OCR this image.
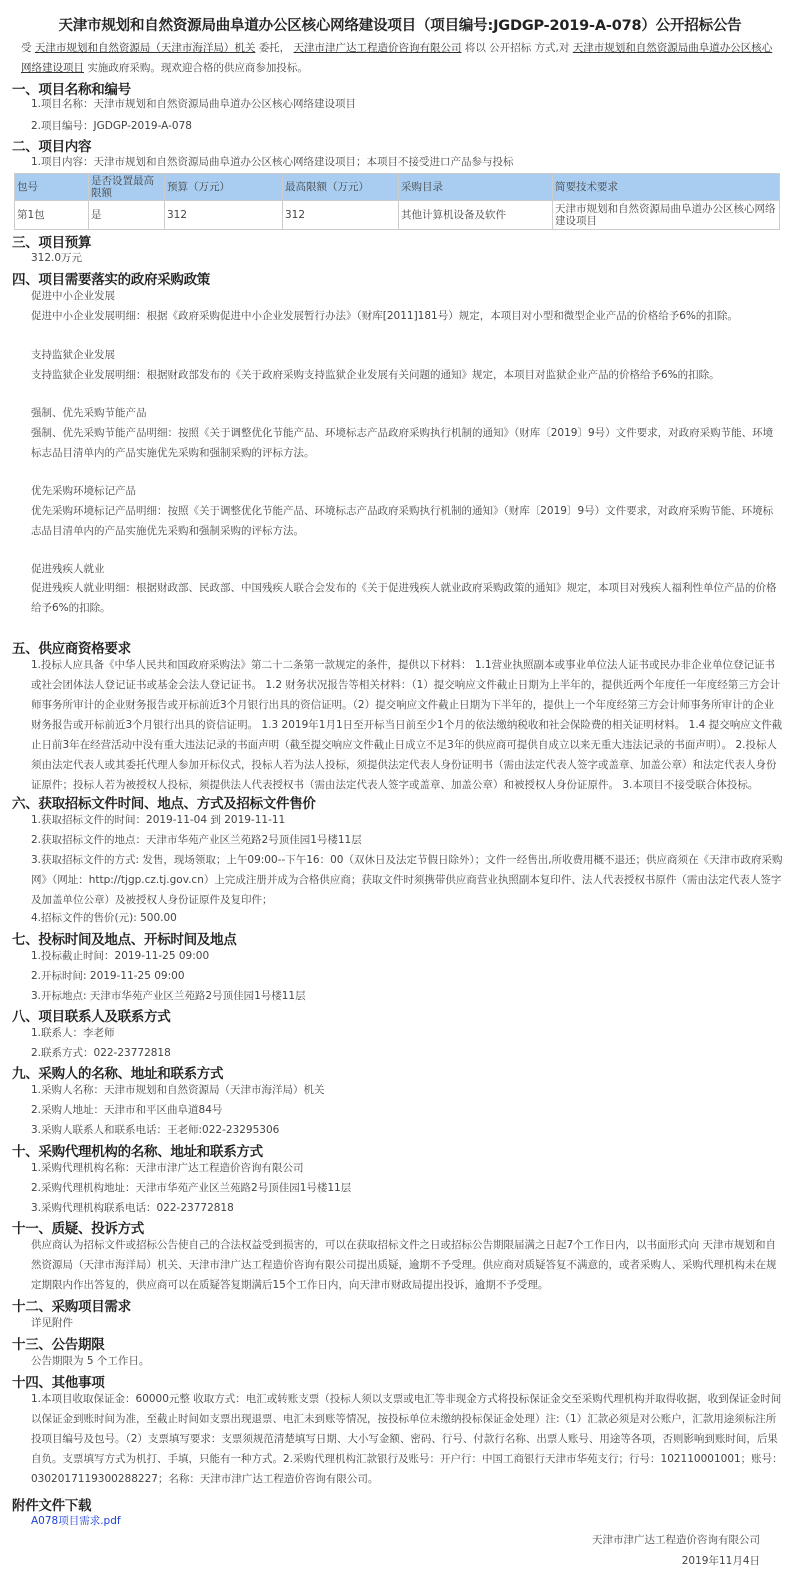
天津市规划和自然资源局曲阜道办公区核心网络建设项目（项目编号:JGDGP-2019-A-078）公开招标公告
受 天津市规划和自然资源局（天津市海洋局）机关 委托， 天津市津广达工程造价咨询有限公司 将以 公开招标 方式,对 天津市规划和自然资源局曲阜道办公区核心网络建设项目 实施政府采购。现欢迎合格的供应商参加投标。
一、项目名称和编号
1.项目名称：天津市规划和自然资源局曲阜道办公区核心网络建设项目
2.项目编号：JGDGP-2019-A-078
二、项目内容
1.项目内容：天津市规划和自然资源局曲阜道办公区核心网络建设项目；本项目不接受进口产品参与投标
包号	是否设置最高限额	预算（万元）	最高限额（万元）	采购目录	简要技术要求
第1包	是	312	312	其他计算机设备及软件	天津市规划和自然资源局曲阜道办公区核心网络建设项目
三、项目预算
312.0万元
四、项目需要落实的政府采购政策
促进中小企业发展
促进中小企业发展明细：根据《政府采购促进中小企业发展暂行办法》（财库[2011]181号）规定，本项目对小型和微型企业产品的价格给予6%的扣除。
支持监狱企业发展
支持监狱企业发展明细：根据财政部发布的《关于政府采购支持监狱企业发展有关问题的通知》规定，本项目对监狱企业产品的价格给予6%的扣除。
强制、优先采购节能产品
强制、优先采购节能产品明细：按照《关于调整优化节能产品、环境标志产品政府采购执行机制的通知》（财库〔2019〕9号）文件要求，对政府采购节能、环境标志品目清单内的产品实施优先采购和强制采购的评标方法。
优先采购环境标记产品
优先采购环境标记产品明细：按照《关于调整优化节能产品、环境标志产品政府采购执行机制的通知》（财库〔2019〕9号）文件要求，对政府采购节能、环境标志品目清单内的产品实施优先采购和强制采购的评标方法。
促进残疾人就业
促进残疾人就业明细：根据财政部、民政部、中国残疾人联合会发布的《关于促进残疾人就业政府采购政策的通知》规定，本项目对残疾人福利性单位产品的价格给予6%的扣除。
五、供应商资格要求
1.投标人应具备《中华人民共和国政府采购法》第二十二条第一款规定的条件，提供以下材料： 1.1营业执照副本或事业单位法人证书或民办非企业单位登记证书或社会团体法人登记证书或基金会法人登记证书。 1.2 财务状况报告等相关材料：（1）提交响应文件截止日期为上半年的，提供近两个年度任一年度经第三方会计师事务所审计的企业财务报告或开标前近3个月银行出具的资信证明。（2）提交响应文件截止日期为下半年的，提供上一个年度经第三方会计师事务所审计的企业财务报告或开标前近3个月银行出具的资信证明。 1.3 2019年1月1日至开标当日前至少1个月的依法缴纳税收和社会保险费的相关证明材料。 1.4 提交响应文件截止日前3年在经营活动中没有重大违法记录的书面声明（截至提交响应文件截止日成立不足3年的供应商可提供自成立以来无重大违法记录的书面声明）。 2.投标人须由法定代表人或其委托代理人参加开标仪式，投标人若为法人投标，须提供法定代表人身份证明书（需由法定代表人签字或盖章、加盖公章）和法定代表人身份证原件；投标人若为被授权人投标，须提供法人代表授权书（需由法定代表人签字或盖章、加盖公章）和被授权人身份证原件。 3.本项目不接受联合体投标。
六、获取招标文件时间、地点、方式及招标文件售价
1.获取招标文件的时间：2019-11-04 到 2019-11-11
2.获取招标文件的地点：天津市华苑产业区兰苑路2号顶佳园1号楼11层
3.获取招标文件的方式: 发售，现场领取；上午09:00--下午16：00（双休日及法定节假日除外）；文件一经售出,所收费用概不退还；供应商须在《天津市政府采购网》（网址：http://tjgp.cz.tj.gov.cn）上完成注册并成为合格供应商；获取文件时须携带供应商营业执照副本复印件、法人代表授权书原件（需由法定代表人签字及加盖单位公章）及被授权人身份证原件及复印件；
4.招标文件的售价(元): 500.00
七、投标时间及地点、开标时间及地点
1.投标截止时间：2019-11-25 09:00
2.开标时间: 2019-11-25 09:00
3.开标地点: 天津市华苑产业区兰苑路2号顶佳园1号楼11层
八、项目联系人及联系方式
1.联系人：李老师
2.联系方式：022-23772818
九、采购人的名称、地址和联系方式
1.采购人名称：天津市规划和自然资源局（天津市海洋局）机关
2.采购人地址：天津市和平区曲阜道84号
3.采购人联系人和联系电话：王老师:022-23295306
十、采购代理机构的名称、地址和联系方式
1.采购代理机构名称：天津市津广达工程造价咨询有限公司
2.采购代理机构地址：天津市华苑产业区兰苑路2号顶佳园1号楼11层
3.采购代理机构联系电话：022-23772818
十一、质疑、投诉方式
供应商认为招标文件或招标公告使自己的合法权益受到损害的，可以在获取招标文件之日或招标公告期限届满之日起7个工作日内，以书面形式向 天津市规划和自然资源局（天津市海洋局）机关、天津市津广达工程造价咨询有限公司提出质疑，逾期不予受理。供应商对质疑答复不满意的，或者采购人、采购代理机构未在规定期限内作出答复的，供应商可以在质疑答复期满后15个工作日内，向天津市财政局提出投诉，逾期不予受理。
十二、采购项目需求
详见附件
十三、公告期限
公告期限为 5 个工作日。
十四、其他事项
1.本项目收取保证金：60000元整 收取方式：电汇或转账支票（投标人须以支票或电汇等非现金方式将投标保证金交至采购代理机构并取得收据，收到保证金时间以保证金到账时间为准，至截止时间如支票出现退票、电汇未到账等情况，按投标单位未缴纳投标保证金处理）注:（1）汇款必须是对公账户，汇款用途须标注所投项目编号及包号。（2）支票填写要求：支票须规范清楚填写日期、大小写金额、密码、行号、付款行名称、出票人账号、用途等各项，否则影响到账时间，后果自负。支票填写方式为机打、手填，只能有一种方式。2.采购代理机构汇款银行及账号：开户行：中国工商银行天津市华苑支行；行号：102110001001；账号：0302017119300288227；名称：天津市津广达工程造价咨询有限公司。
附件文件下载
A078项目需求.pdf
天津市津广达工程造价咨询有限公司
2019年11月4日
